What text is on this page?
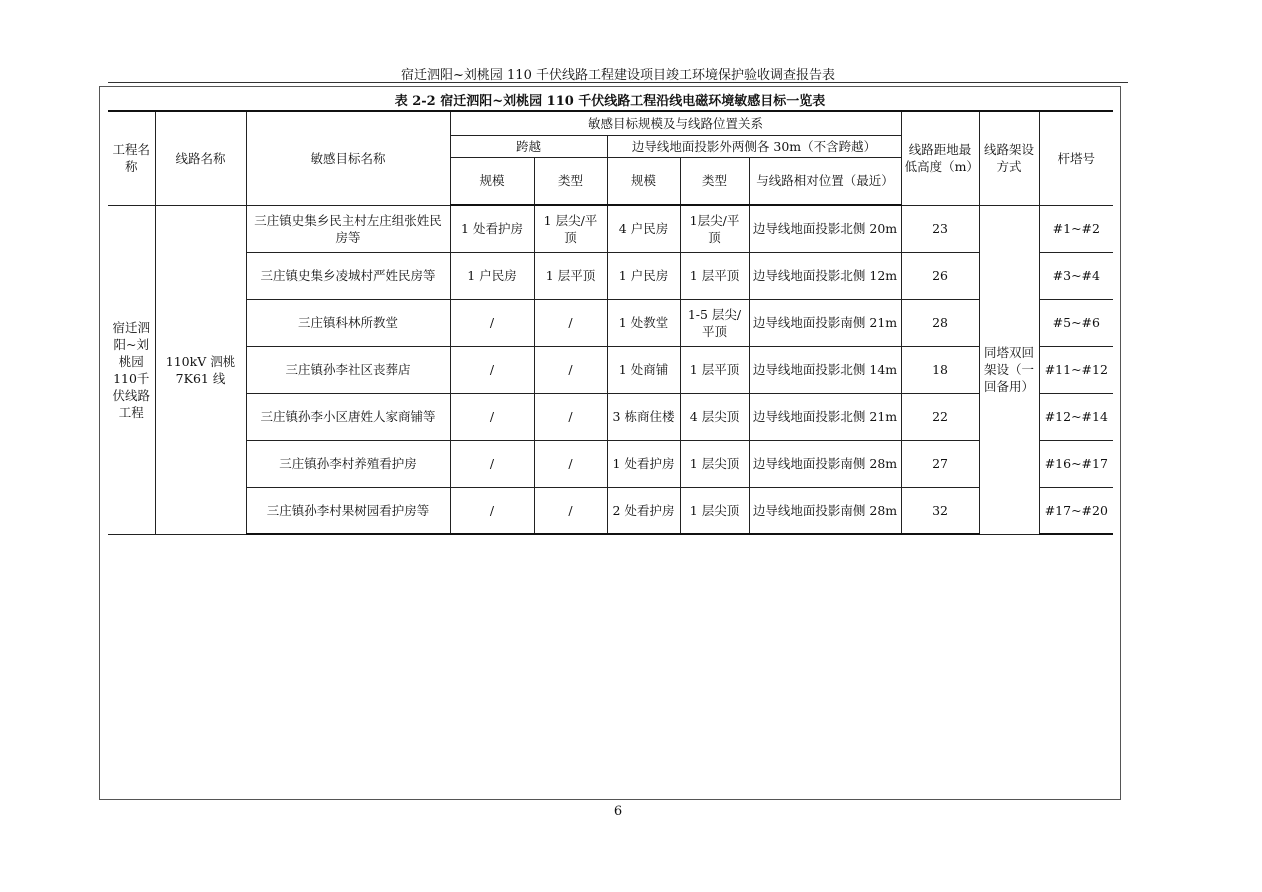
宿迁泗阳~刘桃园 110 千伏线路工程建设项目竣工环境保护验收调查报告表
表 2-2 宿迁泗阳~刘桃园 110 千伏线路工程沿线电磁环境敏感目标一览表
工程名称	线路名称	敏感目标名称	敏感目标规模及与线路位置关系					线路距地最低高度（m）	线路架设方式	杆塔号
			跨越		边导线地面投影外两侧各 30m（不含跨越）					
			规模	类型	规模	类型	与线路相对位置（最近）			
宿迁泗阳~刘桃园110千伏线路工程	110kV 泗桃 7K61 线	三庄镇史集乡民主村左庄组张姓民房等	1 处看护房	1 层尖/平顶	4 户民房	1层尖/平顶	边导线地面投影北侧 20m	23	同塔双回架设（一回备用）	#1~#2
		三庄镇史集乡凌城村严姓民房等	1 户民房	1 层平顶	1 户民房	1 层平顶	边导线地面投影北侧 12m	26		#3~#4
		三庄镇科林所教堂	/	/	1 处教堂	1-5 层尖/平顶	边导线地面投影南侧 21m	28		#5~#6
		三庄镇孙李社区丧葬店	/	/	1 处商铺	1 层平顶	边导线地面投影北侧 14m	18		#11~#12
		三庄镇孙李小区唐姓人家商铺等	/	/	3 栋商住楼	4 层尖顶	边导线地面投影北侧 21m	22		#12~#14
		三庄镇孙李村养殖看护房	/	/	1 处看护房	1 层尖顶	边导线地面投影南侧 28m	27		#16~#17
		三庄镇孙李村果树园看护房等	/	/	2 处看护房	1 层尖顶	边导线地面投影南侧 28m	32		#17~#20
6
